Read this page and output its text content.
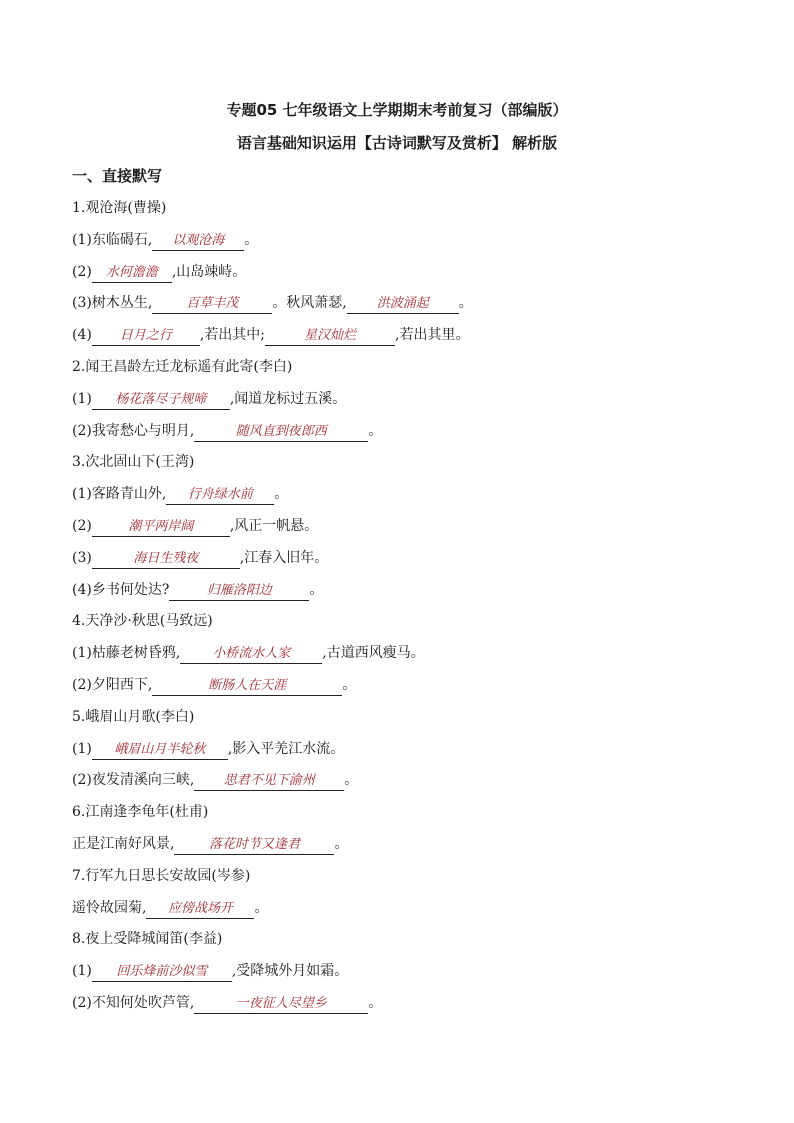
专题05 七年级语文上学期期末考前复习（部编版）
语言基础知识运用【古诗词默写及赏析】 解析版
一、直接默写
1.观沧海(曹操)
(1)东临碣石, 以观沧海 。
(2) 水何澹澹 ,山岛竦峙。
(3)树木丛生,	百草丰茂 。秋风萧瑟, 洪波涌起 。
(4) 日月之行 ,若出其中;	星汉灿烂	,若出其里。
2.闻王昌龄左迁龙标遥有此寄(李白)
(1) 杨花落尽子规啼 ,闻道龙标过五溪。
(2)我寄愁心与明月,	随风直到夜郎西	。
3.次北固山下(王湾)
(1)客路青山外, 行舟绿水前 。
(2)	潮平两岸阔	,风正一帆悬。
(3)	海日生残夜	,江春入旧年。
(4)乡书何处达?	归雁洛阳边	。
4.天净沙·秋思(马致远)
(1)枯藤老树昏鸦, 小桥流水人家 ,古道西风瘦马。
(2)夕阳西下,	断肠人在天涯	。
5.峨眉山月歌(李白)
(1) 峨眉山月半轮秋 ,影入平羌江水流。
(2)夜发清溪向三峡, 思君不见下渝州 。
6.江南逢李龟年(杜甫)
正是江南好风景,	落花时节又逢君 。
7.行军九日思长安故园(岑参)
遥怜故园菊, 应傍战场开 。
8.夜上受降城闻笛(李益)
(1) 回乐烽前沙似雪 ,受降城外月如霜。
(2)不知何处吹芦管,	一夜征人尽望乡	。
